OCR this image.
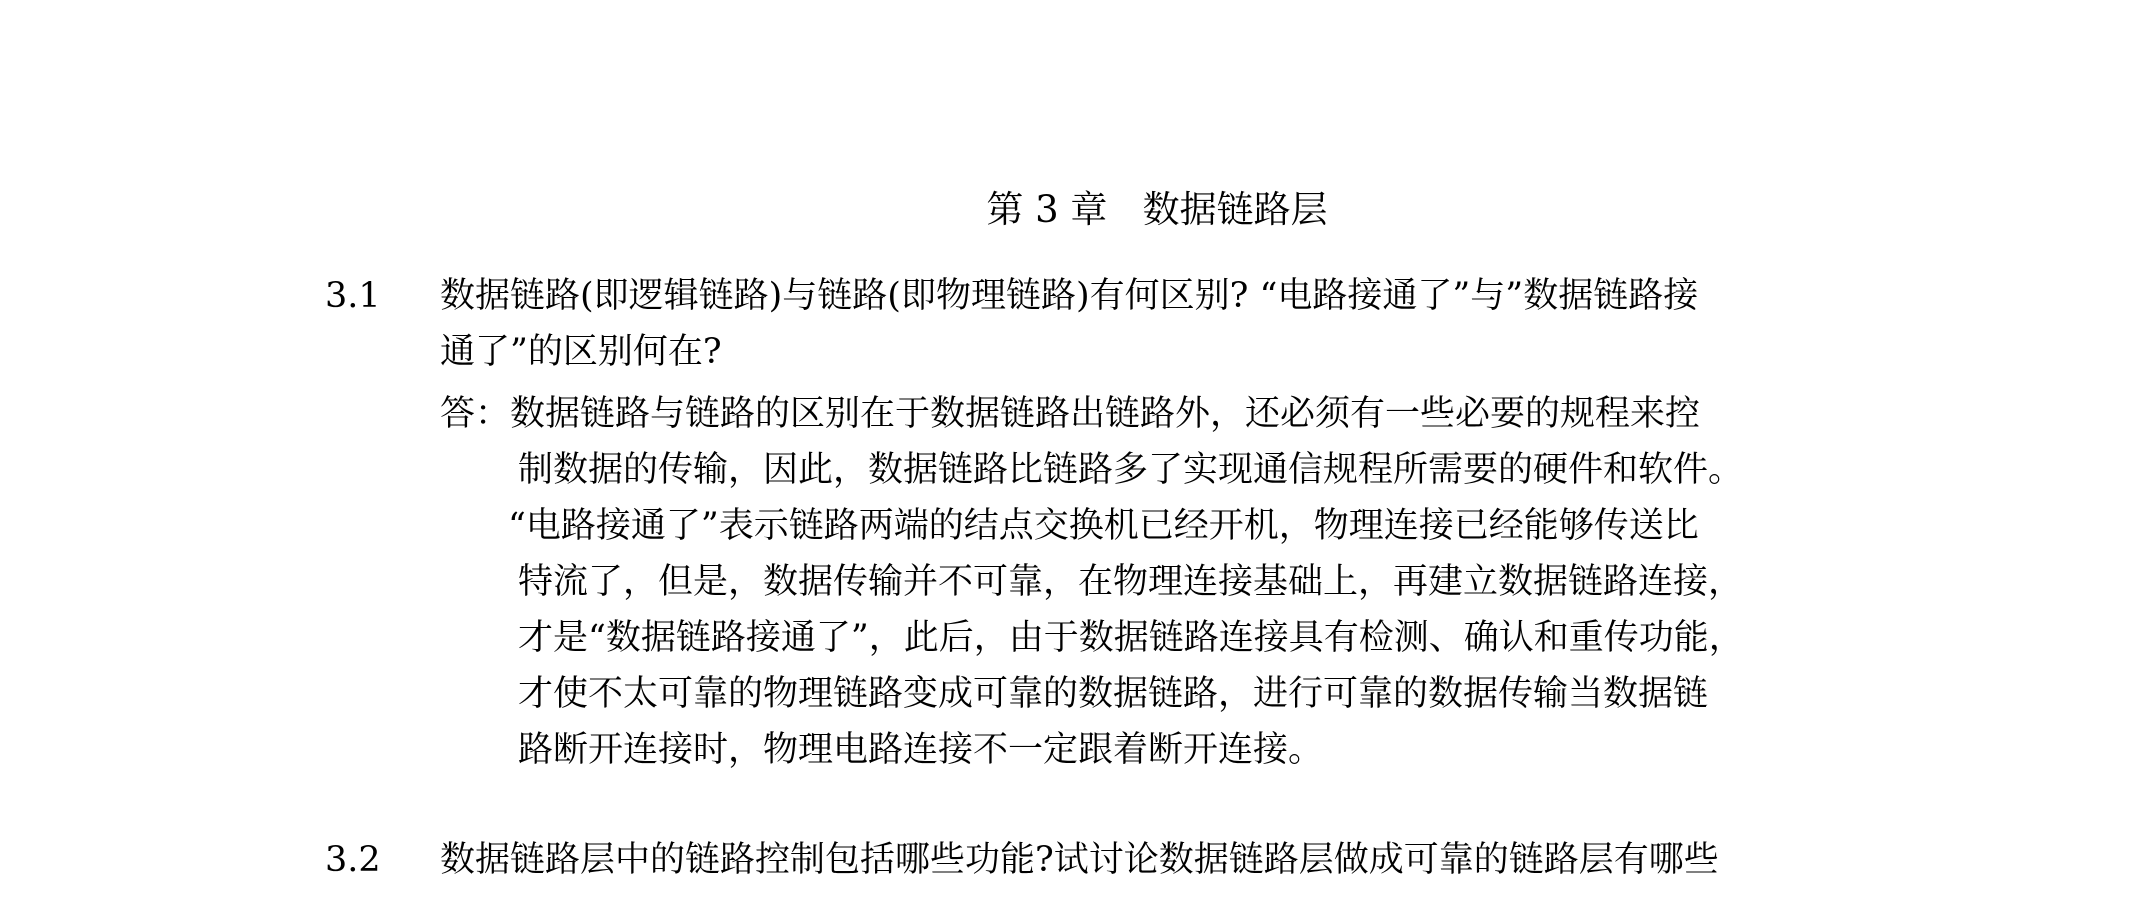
第 3 章   数据链路层
3.1	数据链路(即逻辑链路)与链路(即物理链路)有何区别? “电路接通了”与”数据链路接
通了”的区别何在?
答：数据链路与链路的区别在于数据链路出链路外，还必须有一些必要的规程来控
制数据的传输，因此，数据链路比链路多了实现通信规程所需要的硬件和软件。
“电路接通了”表示链路两端的结点交换机已经开机，物理连接已经能够传送比
特流了，但是，数据传输并不可靠，在物理连接基础上，再建立数据链路连接，
才是“数据链路接通了”，此后，由于数据链路连接具有检测、确认和重传功能，
才使不太可靠的物理链路变成可靠的数据链路，进行可靠的数据传输当数据链
路断开连接时，物理电路连接不一定跟着断开连接。
3.2	数据链路层中的链路控制包括哪些功能?试讨论数据链路层做成可靠的链路层有哪些
